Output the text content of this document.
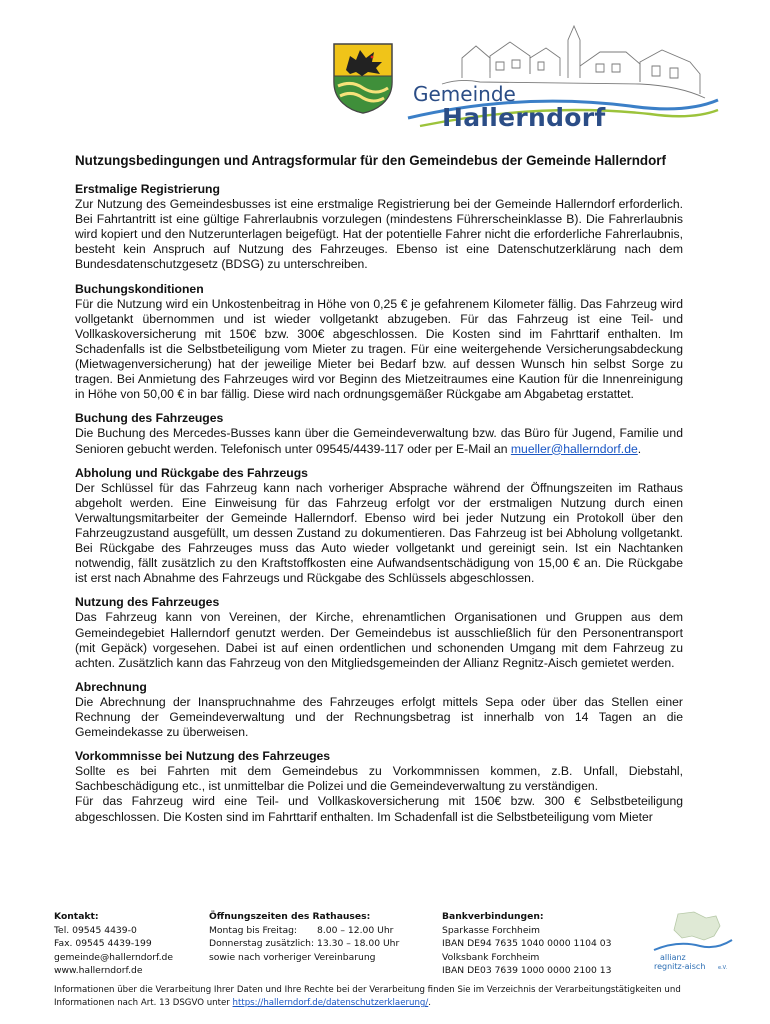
Gemeinde
Hallerndorf
Nutzungsbedingungen und Antragsformular für den Gemeindebus der Gemeinde Hallerndorf
Erstmalige Registrierung

Zur Nutzung des Gemeindesbusses ist eine erstmalige Registrierung bei der Gemeinde Hallerndorf erforderlich. Bei Fahrtantritt ist eine gültige Fahrerlaubnis vorzulegen (mindestens Führerscheinklasse B). Die Fahrerlaubnis wird kopiert und den Nutzerunterlagen beigefügt. Hat der potentielle Fahrer nicht die erforderliche Fahrerlaubnis, besteht kein Anspruch auf Nutzung des Fahrzeuges. Ebenso ist eine Datenschutzerklärung nach dem Bundesdatenschutzgesetz (BDSG) zu unterschreiben.

Buchungskonditionen

Für die Nutzung wird ein Unkostenbeitrag in Höhe von 0,25 € je gefahrenem Kilometer fällig. Das Fahrzeug wird vollgetankt übernommen und ist wieder vollgetankt abzugeben. Für das Fahrzeug ist eine Teil- und Vollkaskoversicherung mit 150€ bzw. 300€ abgeschlossen. Die Kosten sind im Fahrttarif enthalten. Im Schadenfalls ist die Selbstbeteiligung vom Mieter zu tragen. Für eine weitergehende Versicherungsabdeckung (Mietwagenversicherung) hat der jeweilige Mieter bei Bedarf bzw. auf dessen Wunsch hin selbst Sorge zu tragen. Bei Anmietung des Fahrzeuges wird vor Beginn des Mietzeitraumes eine Kaution für die Innenreinigung in Höhe von 50,00 € in bar fällig. Diese wird nach ordnungsgemäßer Rückgabe am Abgabetag erstattet.

Buchung des Fahrzeuges

Die Buchung des Mercedes-Busses kann über die Gemeindeverwaltung bzw. das Büro für Jugend, Familie und Senioren gebucht werden. Telefonisch unter 09545/4439-117 oder per E-Mail an mueller@hallerndorf.de.

Abholung und Rückgabe des Fahrzeugs

Der Schlüssel für das Fahrzeug kann nach vorheriger Absprache während der Öffnungszeiten im Rathaus abgeholt werden. Eine Einweisung für das Fahrzeug erfolgt vor der erstmaligen Nutzung durch einen Verwaltungsmitarbeiter der Gemeinde Hallerndorf. Ebenso wird bei jeder Nutzung ein Protokoll über den Fahrzeugzustand ausgefüllt, um dessen Zustand zu dokumentieren. Das Fahrzeug ist bei Abholung vollgetankt. Bei Rückgabe des Fahrzeuges muss das Auto wieder vollgetankt und gereinigt sein. Ist ein Nachtanken notwendig, fällt zusätzlich zu den Kraftstoffkosten eine Aufwandsentschädigung von 15,00 € an. Die Rückgabe ist erst nach Abnahme des Fahrzeugs und Rückgabe des Schlüssels abgeschlossen.

Nutzung des Fahrzeuges

Das Fahrzeug kann von Vereinen, der Kirche, ehrenamtlichen Organisationen und Gruppen aus dem Gemeindegebiet Hallerndorf genutzt werden. Der Gemeindebus ist ausschließlich für den Personentransport (mit Gepäck) vorgesehen. Dabei ist auf einen ordentlichen und schonenden Umgang mit dem Fahrzeug zu achten. Zusätzlich kann das Fahrzeug von den Mitgliedsgemeinden der Allianz Regnitz-Aisch gemietet werden.

Abrechnung

Die Abrechnung der Inanspruchnahme des Fahrzeuges erfolgt mittels Sepa oder über das Stellen einer Rechnung der Gemeindeverwaltung und der Rechnungsbetrag ist innerhalb von 14 Tagen an die Gemeindekasse zu überweisen.

Vorkommnisse bei Nutzung des Fahrzeuges

Sollte es bei Fahrten mit dem Gemeindebus zu Vorkommnissen kommen, z.B. Unfall, Diebstahl, Sachbeschädigung etc., ist unmittelbar die Polizei und die Gemeindeverwaltung zu verständigen.

Für das Fahrzeug wird eine Teil- und Vollkaskoversicherung mit 150€ bzw. 300 € Selbstbeteiligung abgeschlossen. Die Kosten sind im Fahrttarif enthalten. Im Schadenfall ist die Selbstbeteiligung vom Mieter

Kontakt:
Tel. 09545 4439-0
Fax. 09545 4439-199
gemeinde@hallerndorf.de
www.hallerndorf.de
Öffnungszeiten des Rathauses:
Montag bis Freitag:	8.00 – 12.00 Uhr
Donnerstag zusätzlich: 13.30 – 18.00 Uhr
sowie nach vorheriger Vereinbarung
Bankverbindungen:
Sparkasse Forchheim
IBAN DE94 7635 1040 0000 1104 03
Volksbank Forchheim
IBAN DE03 7639 1000 0000 2100 13
allianz
regnitz-aisch	e.V.
Informationen über die Verarbeitung Ihrer Daten und Ihre Rechte bei der Verarbeitung finden Sie im Verzeichnis der Verarbeitungstätigkeiten und Informationen nach Art. 13 DSGVO unter https://hallerndorf.de/datenschutzerklaerung/.
